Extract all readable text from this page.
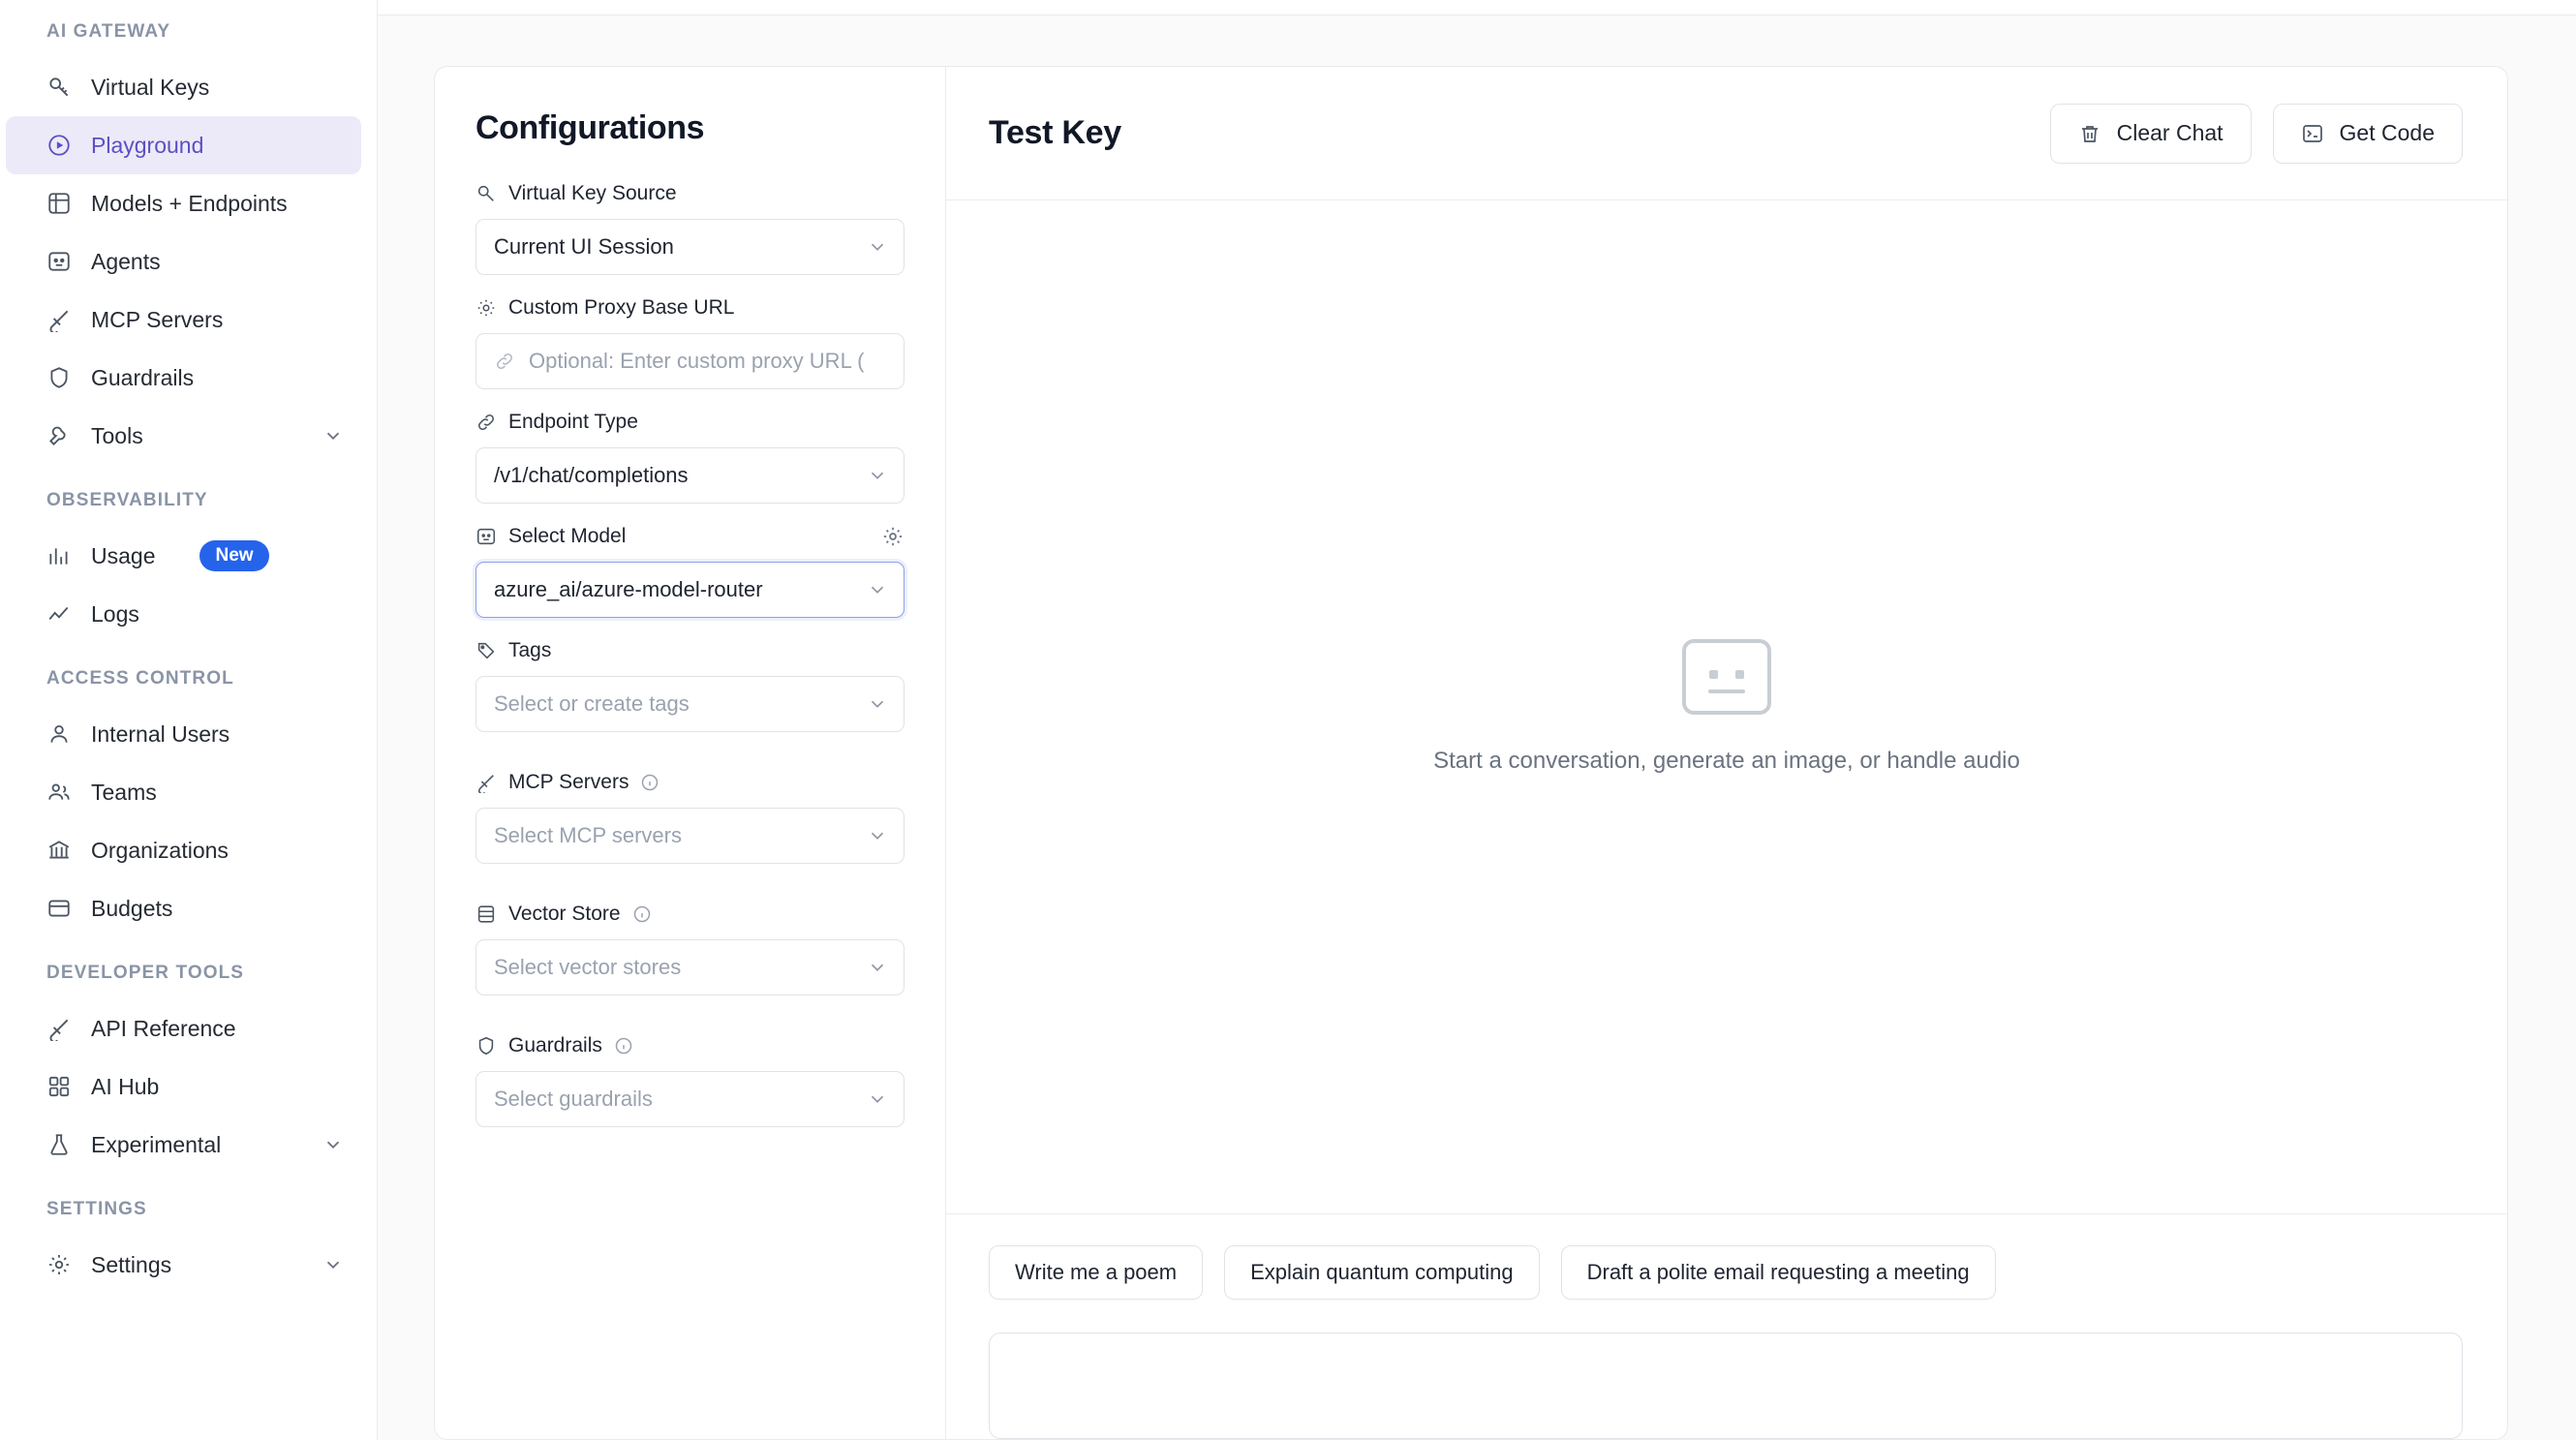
AI GATEWAY
Virtual Keys
Playground
Models + Endpoints
Agents
MCP Servers
Guardrails
Tools
OBSERVABILITY
Usage	New
Logs
ACCESS CONTROL
Internal Users
Teams
Organizations
Budgets
DEVELOPER TOOLS
API Reference
AI Hub
Experimental
SETTINGS
Settings
Configurations
Virtual Key Source
Current UI Session
Custom Proxy Base URL
Optional: Enter custom proxy URL (
Endpoint Type
/v1/chat/completions
Select Model
azure_ai/azure-model-router
Tags
Select or create tags
MCP Servers
Select MCP servers
Vector Store
Select vector stores
Guardrails
Select guardrails
Test Key	Clear Chat	Get Code
Start a conversation, generate an image, or handle audio
Write me a poem	Explain quantum computing	Draft a polite email requesting a meeting
